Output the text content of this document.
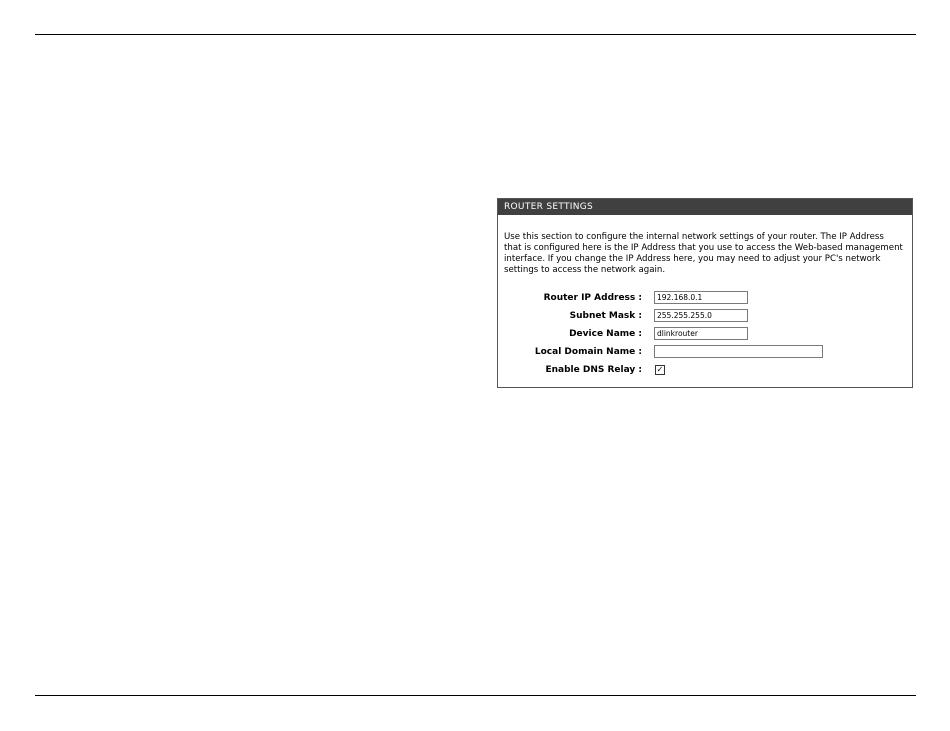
ROUTER SETTINGS
Use this section to configure the internal network settings of your router. The IP Address that is configured here is the IP Address that you use to access the Web-based management interface. If you change the IP Address here, you may need to adjust your PC's network settings to access the network again.
Router IP Address :	192.168.0.1
Subnet Mask :	255.255.255.0
Device Name :	dlinkrouter
Local Domain Name :
Enable DNS Relay : ✓
